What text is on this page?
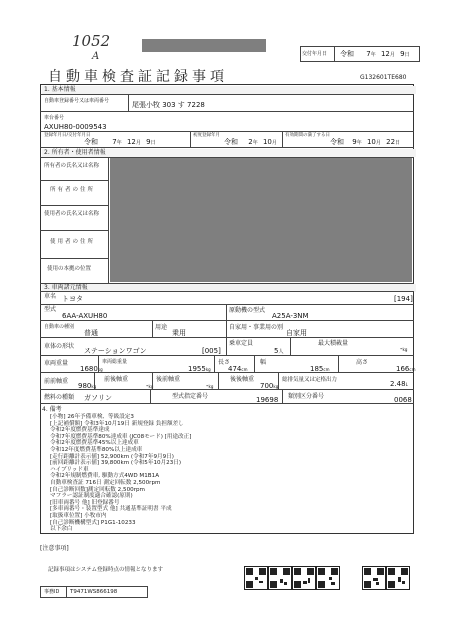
1052
A	交付年月日 令和 7年 12月 9日
自動車検査証記録事項	G132601TE680
1. 基本情報
自動車登録番号又は車両番号	尾張小牧 303 す 7228
車台番号
AXUH80-0009543
登録年月日/交付年月日
令和 7年 12月 9日
初度登録年月
令和 2年 10月
有効期間の満了する日
令和 9年 10月 22日
2. 所有者・使用者情報
所有者の氏名又は名称
所有者の住所
使用者の氏名又は名称
使用者の住所
使用の本拠の位置
3. 車両諸元情報
車名 トヨタ	[194]
型式
6AA-AXUH80
原動機の型式
A25A-3NM
自動車の種別
普通
用途
乗用
自家用・事業用の別
自家用
車体の形状
ステーションワゴン	[005]
乗車定員
5人
最大積載量
-kg
車両重量
1680kg
車両総重量
1955kg
長さ
474cm
幅
185cm
高さ
166cm
前前軸重
980kg
前後軸重
-kg
後前軸重
-kg
後後軸重
700kg
総排気量又は定格出力	2.48L
燃料の種類 ガソリン	型式指定番号	19698 類別区分番号	0068
4. 備考
[小物] 26年予備車検、等級設定3
[上記補償額] 令和3年10月19日 新規登録 負担額差し
令和2年度燃費基準達成
令和7年度燃費基準80%達成車 (JC08モード) [用途改正]
令和2年度燃費基準45%以上達成車
令和12年度燃費基準80%以上達成車
[走行距離計表示値] 52,900km (令和7年9月9日)
[前回距離計表示値] 39,800km (令和5年10月23日)
ハイブリッド車
令和2年規制燃費車, 駆動方式4WD M1B1A
自動車検査証 716日 測定回転数 2,500rpm
[自己診断回数]測定回転数 2,500rpm
マフラー認証制度適合確認(原則)
[旧車両番号 他] 旧登録番号
[多車両番号・装置型式 他] 共通基準証明書 平成
[取扱車位置] 小牧市内
[自己診断機構型式] P1G1-10233
以下余白
[注意事項]
記録事項はシステム登録時点の情報となります
事務ID T9471WS866198
